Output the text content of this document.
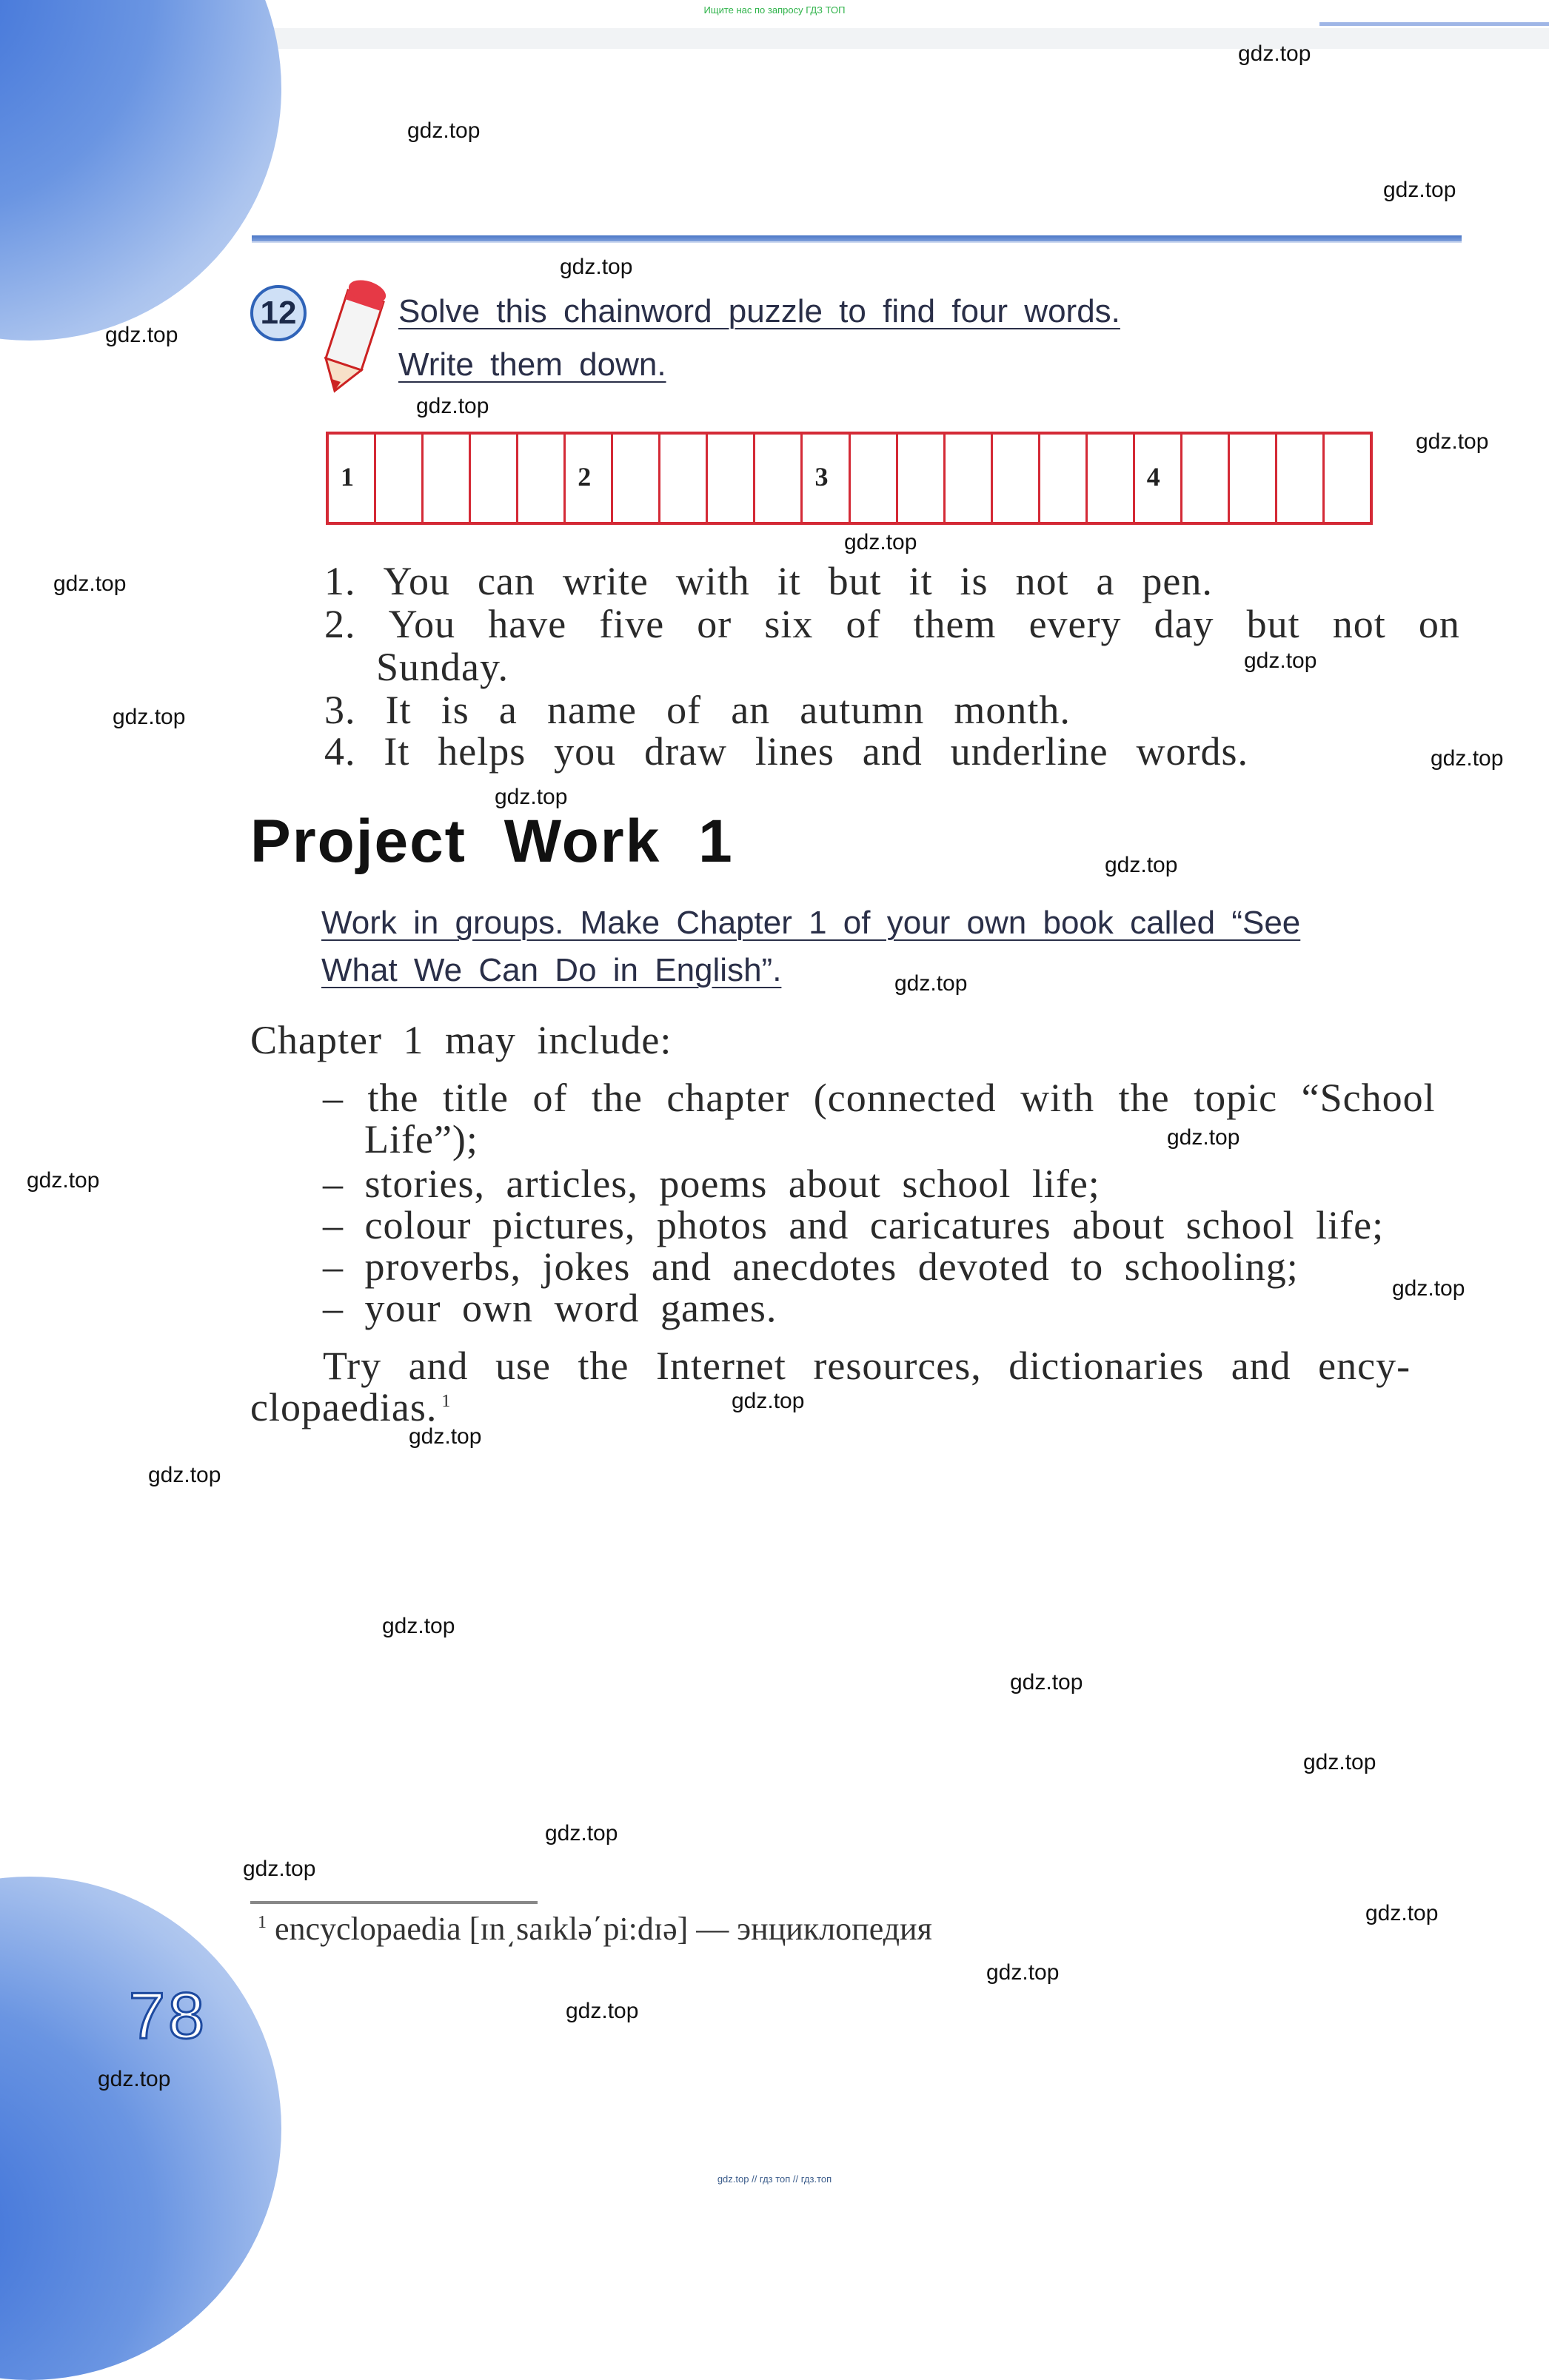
Ищите нас по запросу ГДЗ ТОП
12	Solve this chainword puzzle to find four words.
Write them down.
1	2	3	4
1. You can write with it but it is not a pen.
2. You have five or six of them every day but not on
Sunday.
3. It is a name of an autumn month.
4. It helps you draw lines and underline words.
Project Work 1
Work in groups. Make Chapter 1 of your own book called “See
What We Can Do in English”.
Chapter 1 may include:
– the title of the chapter (connected with the topic “School
Life”);
– stories, articles, poems about school life;
– colour pictures, photos and caricatures about school life;
– proverbs, jokes and anecdotes devoted to schooling;
– your own word games.
Try and use the Internet resources, dictionaries and ency-
clopaedias. $^1$
$^1$ encyclopaedia [ɪn͵saɪklə΄pi:dɪə] — энциклопедия
78
gdz.top
gdz.top
gdz.top
gdz.top
gdz.top
gdz.top
gdz.top
gdz.top
gdz.top
gdz.top
gdz.top
gdz.top
gdz.top
gdz.top
gdz.top
gdz.top
gdz.top
gdz.top
gdz.top
gdz.top
gdz.top
gdz.top
gdz.top
gdz.top
gdz.top
gdz.top
gdz.top
gdz.top
gdz.top
gdz.top
gdz.top // гдз топ // гдз.топ
